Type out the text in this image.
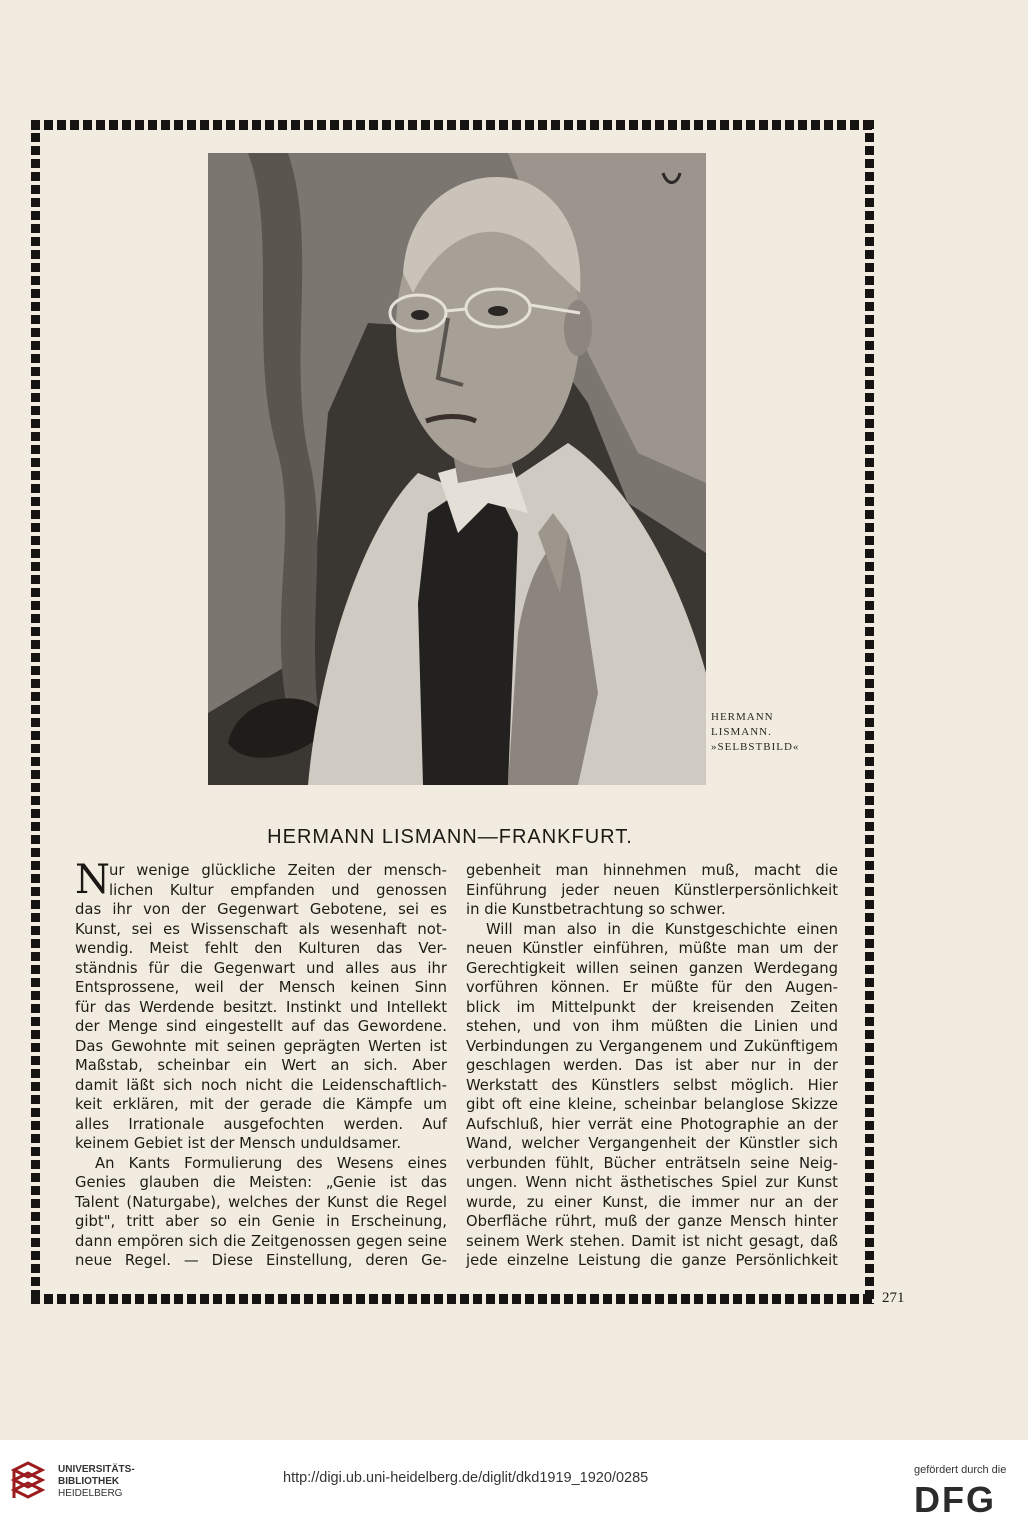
HERMANN
LISMANN.
»SELBSTBILD«
HERMANN LISMANN—FRANKFURT.
N ur wenige glückliche Zeiten der mensch-
lichen Kultur empfanden und genossen
das ihr von der Gegenwart Gebotene, sei es
Kunst, sei es Wissenschaft als wesenhaft not-
wendig. Meist fehlt den Kulturen das Ver-
ständnis für die Gegenwart und alles aus ihr
Entsprossene, weil der Mensch keinen Sinn
für das Werdende besitzt. Instinkt und Intellekt
der Menge sind eingestellt auf das Gewordene.
Das Gewohnte mit seinen geprägten Werten ist
Maßstab, scheinbar ein Wert an sich. Aber
damit läßt sich noch nicht die Leidenschaftlich-
keit erklären, mit der gerade die Kämpfe um
alles Irrationale ausgefochten werden. Auf
keinem Gebiet ist der Mensch unduldsamer.
An Kants Formulierung des Wesens eines
Genies glauben die Meisten: „Genie ist das
Talent (Naturgabe), welches der Kunst die Regel
gibt", tritt aber so ein Genie in Erscheinung,
dann empören sich die Zeitgenossen gegen seine
neue Regel. — Diese Einstellung, deren Ge-
gebenheit man hinnehmen muß, macht die
Einführung jeder neuen Künstlerpersönlichkeit
in die Kunstbetrachtung so schwer.
Will man also in die Kunstgeschichte einen
neuen Künstler einführen, müßte man um der
Gerechtigkeit willen seinen ganzen Werdegang
vorführen können. Er müßte für den Augen-
blick im Mittelpunkt der kreisenden Zeiten
stehen, und von ihm müßten die Linien und
Verbindungen zu Vergangenem und Zukünftigem
geschlagen werden. Das ist aber nur in der
Werkstatt des Künstlers selbst möglich. Hier
gibt oft eine kleine, scheinbar belanglose Skizze
Aufschluß, hier verrät eine Photographie an der
Wand, welcher Vergangenheit der Künstler sich
verbunden fühlt, Bücher enträtseln seine Neig-
ungen. Wenn nicht ästhetisches Spiel zur Kunst
wurde, zu einer Kunst, die immer nur an der
Oberfläche rührt, muß der ganze Mensch hinter
seinem Werk stehen. Damit ist nicht gesagt, daß
jede einzelne Leistung die ganze Persönlichkeit
271
UNIVERSITÄTS-
BIBLIOTHEK
HEIDELBERG
http://digi.ub.uni-heidelberg.de/diglit/dkd1919_1920/0285	gefördert durch die
DFG
